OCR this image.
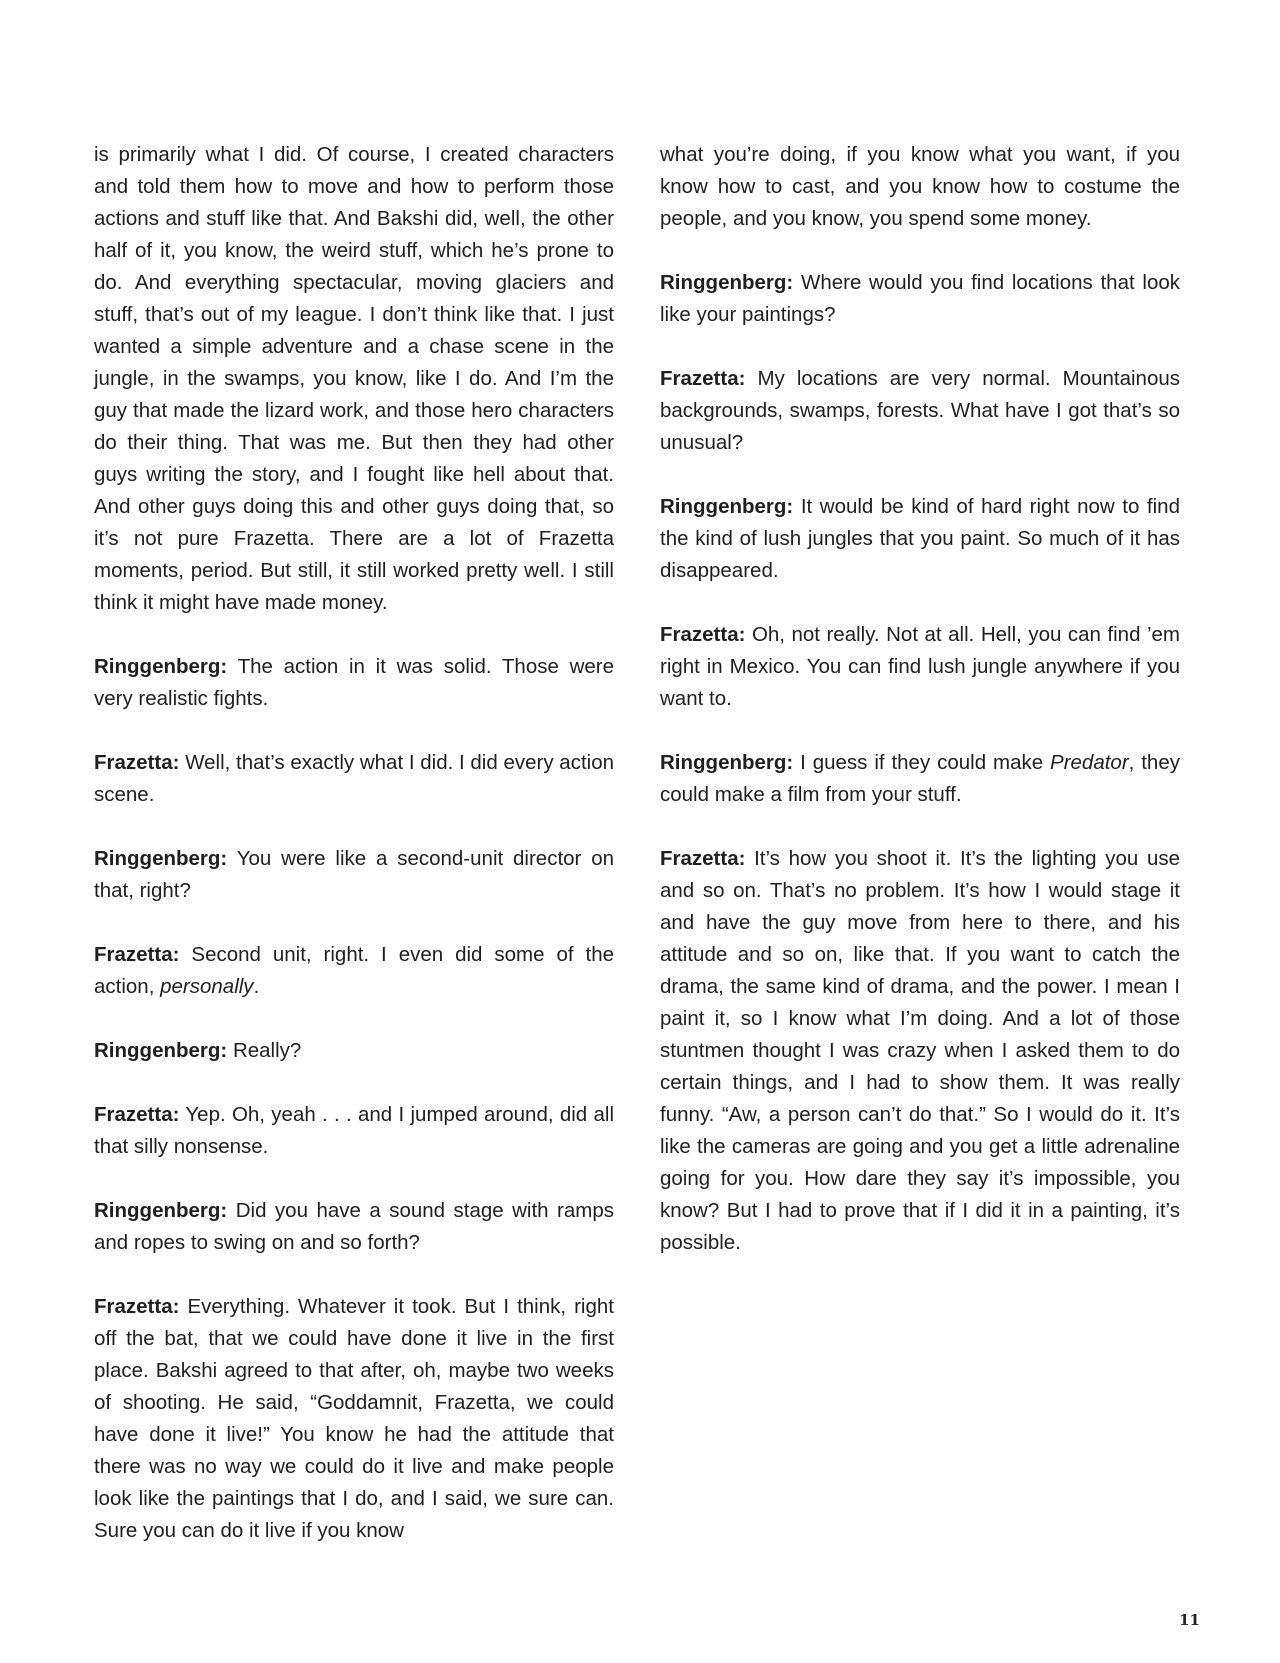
is primarily what I did. Of course, I created characters and told them how to move and how to perform those actions and stuff like that. And Bakshi did, well, the other half of it, you know, the weird stuff, which he’s prone to do. And everything spectacular, moving glaciers and stuff, that’s out of my league. I don’t think like that. I just wanted a simple adventure and a chase scene in the jungle, in the swamps, you know, like I do. And I’m the guy that made the lizard work, and those hero characters do their thing. That was me. But then they had other guys writing the story, and I fought like hell about that. And other guys doing this and other guys doing that, so it’s not pure Frazetta. There are a lot of Frazetta moments, period. But still, it still worked pretty well. I still think it might have made money.

Ringgenberg: The action in it was solid. Those were very realistic fights.

Frazetta: Well, that’s exactly what I did. I did every action scene.

Ringgenberg: You were like a second-unit director on that, right?

Frazetta: Second unit, right. I even did some of the action, personally.

Ringgenberg: Really?

Frazetta: Yep. Oh, yeah . . . and I jumped around, did all that silly nonsense.

Ringgenberg: Did you have a sound stage with ramps and ropes to swing on and so forth?

Frazetta: Everything. Whatever it took. But I think, right off the bat, that we could have done it live in the first place. Bakshi agreed to that after, oh, maybe two weeks of shooting. He said, “Goddamnit, Frazetta, we could have done it live!” You know he had the attitude that there was no way we could do it live and make people look like the paintings that I do, and I said, we sure can. Sure you can do it live if you know

what you’re doing, if you know what you want, if you know how to cast, and you know how to costume the people, and you know, you spend some money.

Ringgenberg: Where would you find locations that look like your paintings?

Frazetta: My locations are very normal. Mountainous backgrounds, swamps, forests. What have I got that’s so unusual?

Ringgenberg: It would be kind of hard right now to find the kind of lush jungles that you paint. So much of it has disappeared.

Frazetta: Oh, not really. Not at all. Hell, you can find ’em right in Mexico. You can find lush jungle anywhere if you want to.

Ringgenberg: I guess if they could make Predator, they could make a film from your stuff.

Frazetta: It’s how you shoot it. It’s the lighting you use and so on. That’s no problem. It’s how I would stage it and have the guy move from here to there, and his attitude and so on, like that. If you want to catch the drama, the same kind of drama, and the power. I mean I paint it, so I know what I’m doing. And a lot of those stuntmen thought I was crazy when I asked them to do certain things, and I had to show them. It was really funny. “Aw, a person can’t do that.” So I would do it. It’s like the cameras are going and you get a little adrenaline going for you. How dare they say it’s impossible, you know? But I had to prove that if I did it in a painting, it’s possible.

11
